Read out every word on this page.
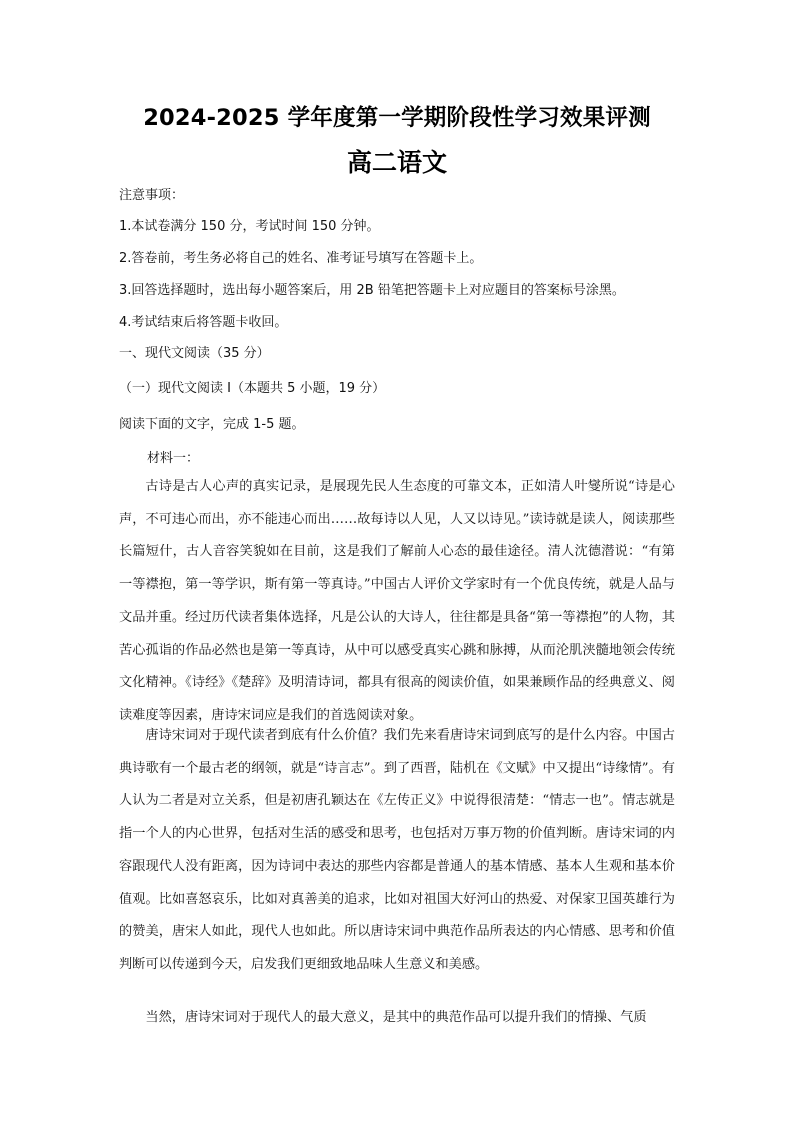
2024-2025 学年度第一学期阶段性学习效果评测
高二语文
注意事项：
1.本试卷满分 150 分，考试时间 150 分钟。
2.答卷前，考生务必将自己的姓名、准考证号填写在答题卡上。
3.回答选择题时，选出每小题答案后，用 2B 铅笔把答题卡上对应题目的答案标号涂黑。
4.考试结束后将答题卡收回。
一、现代文阅读（35 分）
（一）现代文阅读 I（本题共 5 小题，19 分）
阅读下面的文字，完成 1-5 题。
材料一：
古诗是古人心声的真实记录，是展现先民人生态度的可靠文本，正如清人叶燮所说“诗是心声，不可违心而出，亦不能违心而出……故每诗以人见，人又以诗见。”读诗就是读人，阅读那些长篇短什，古人音容笑貌如在目前，这是我们了解前人心态的最佳途径。清人沈德潜说：“有第一等襟抱，第一等学识，斯有第一等真诗。”中国古人评价文学家时有一个优良传统，就是人品与文品并重。经过历代读者集体选择，凡是公认的大诗人，往往都是具备“第一等襟抱”的人物，其苦心孤诣的作品必然也是第一等真诗，从中可以感受真实心跳和脉搏，从而沦肌浃髓地领会传统文化精神。《诗经》《楚辞》及明清诗词，都具有很高的阅读价值，如果兼顾作品的经典意义、阅读难度等因素，唐诗宋词应是我们的首选阅读对象。
唐诗宋词对于现代读者到底有什么价值？我们先来看唐诗宋词到底写的是什么内容。中国古典诗歌有一个最古老的纲领，就是“诗言志”。到了西晋，陆机在《文赋》中又提出“诗缘情”。有人认为二者是对立关系，但是初唐孔颖达在《左传正义》中说得很清楚：“情志一也”。情志就是指一个人的内心世界，包括对生活的感受和思考，也包括对万事万物的价值判断。唐诗宋词的内容跟现代人没有距离，因为诗词中表达的那些内容都是普通人的基本情感、基本人生观和基本价值观。比如喜怒哀乐，比如对真善美的追求，比如对祖国大好河山的热爱、对保家卫国英雄行为的赞美，唐宋人如此，现代人也如此。所以唐诗宋词中典范作品所表达的内心情感、思考和价值判断可以传递到今天，启发我们更细致地品味人生意义和美感。
当然，唐诗宋词对于现代人的最大意义，是其中的典范作品可以提升我们的情操、气质
